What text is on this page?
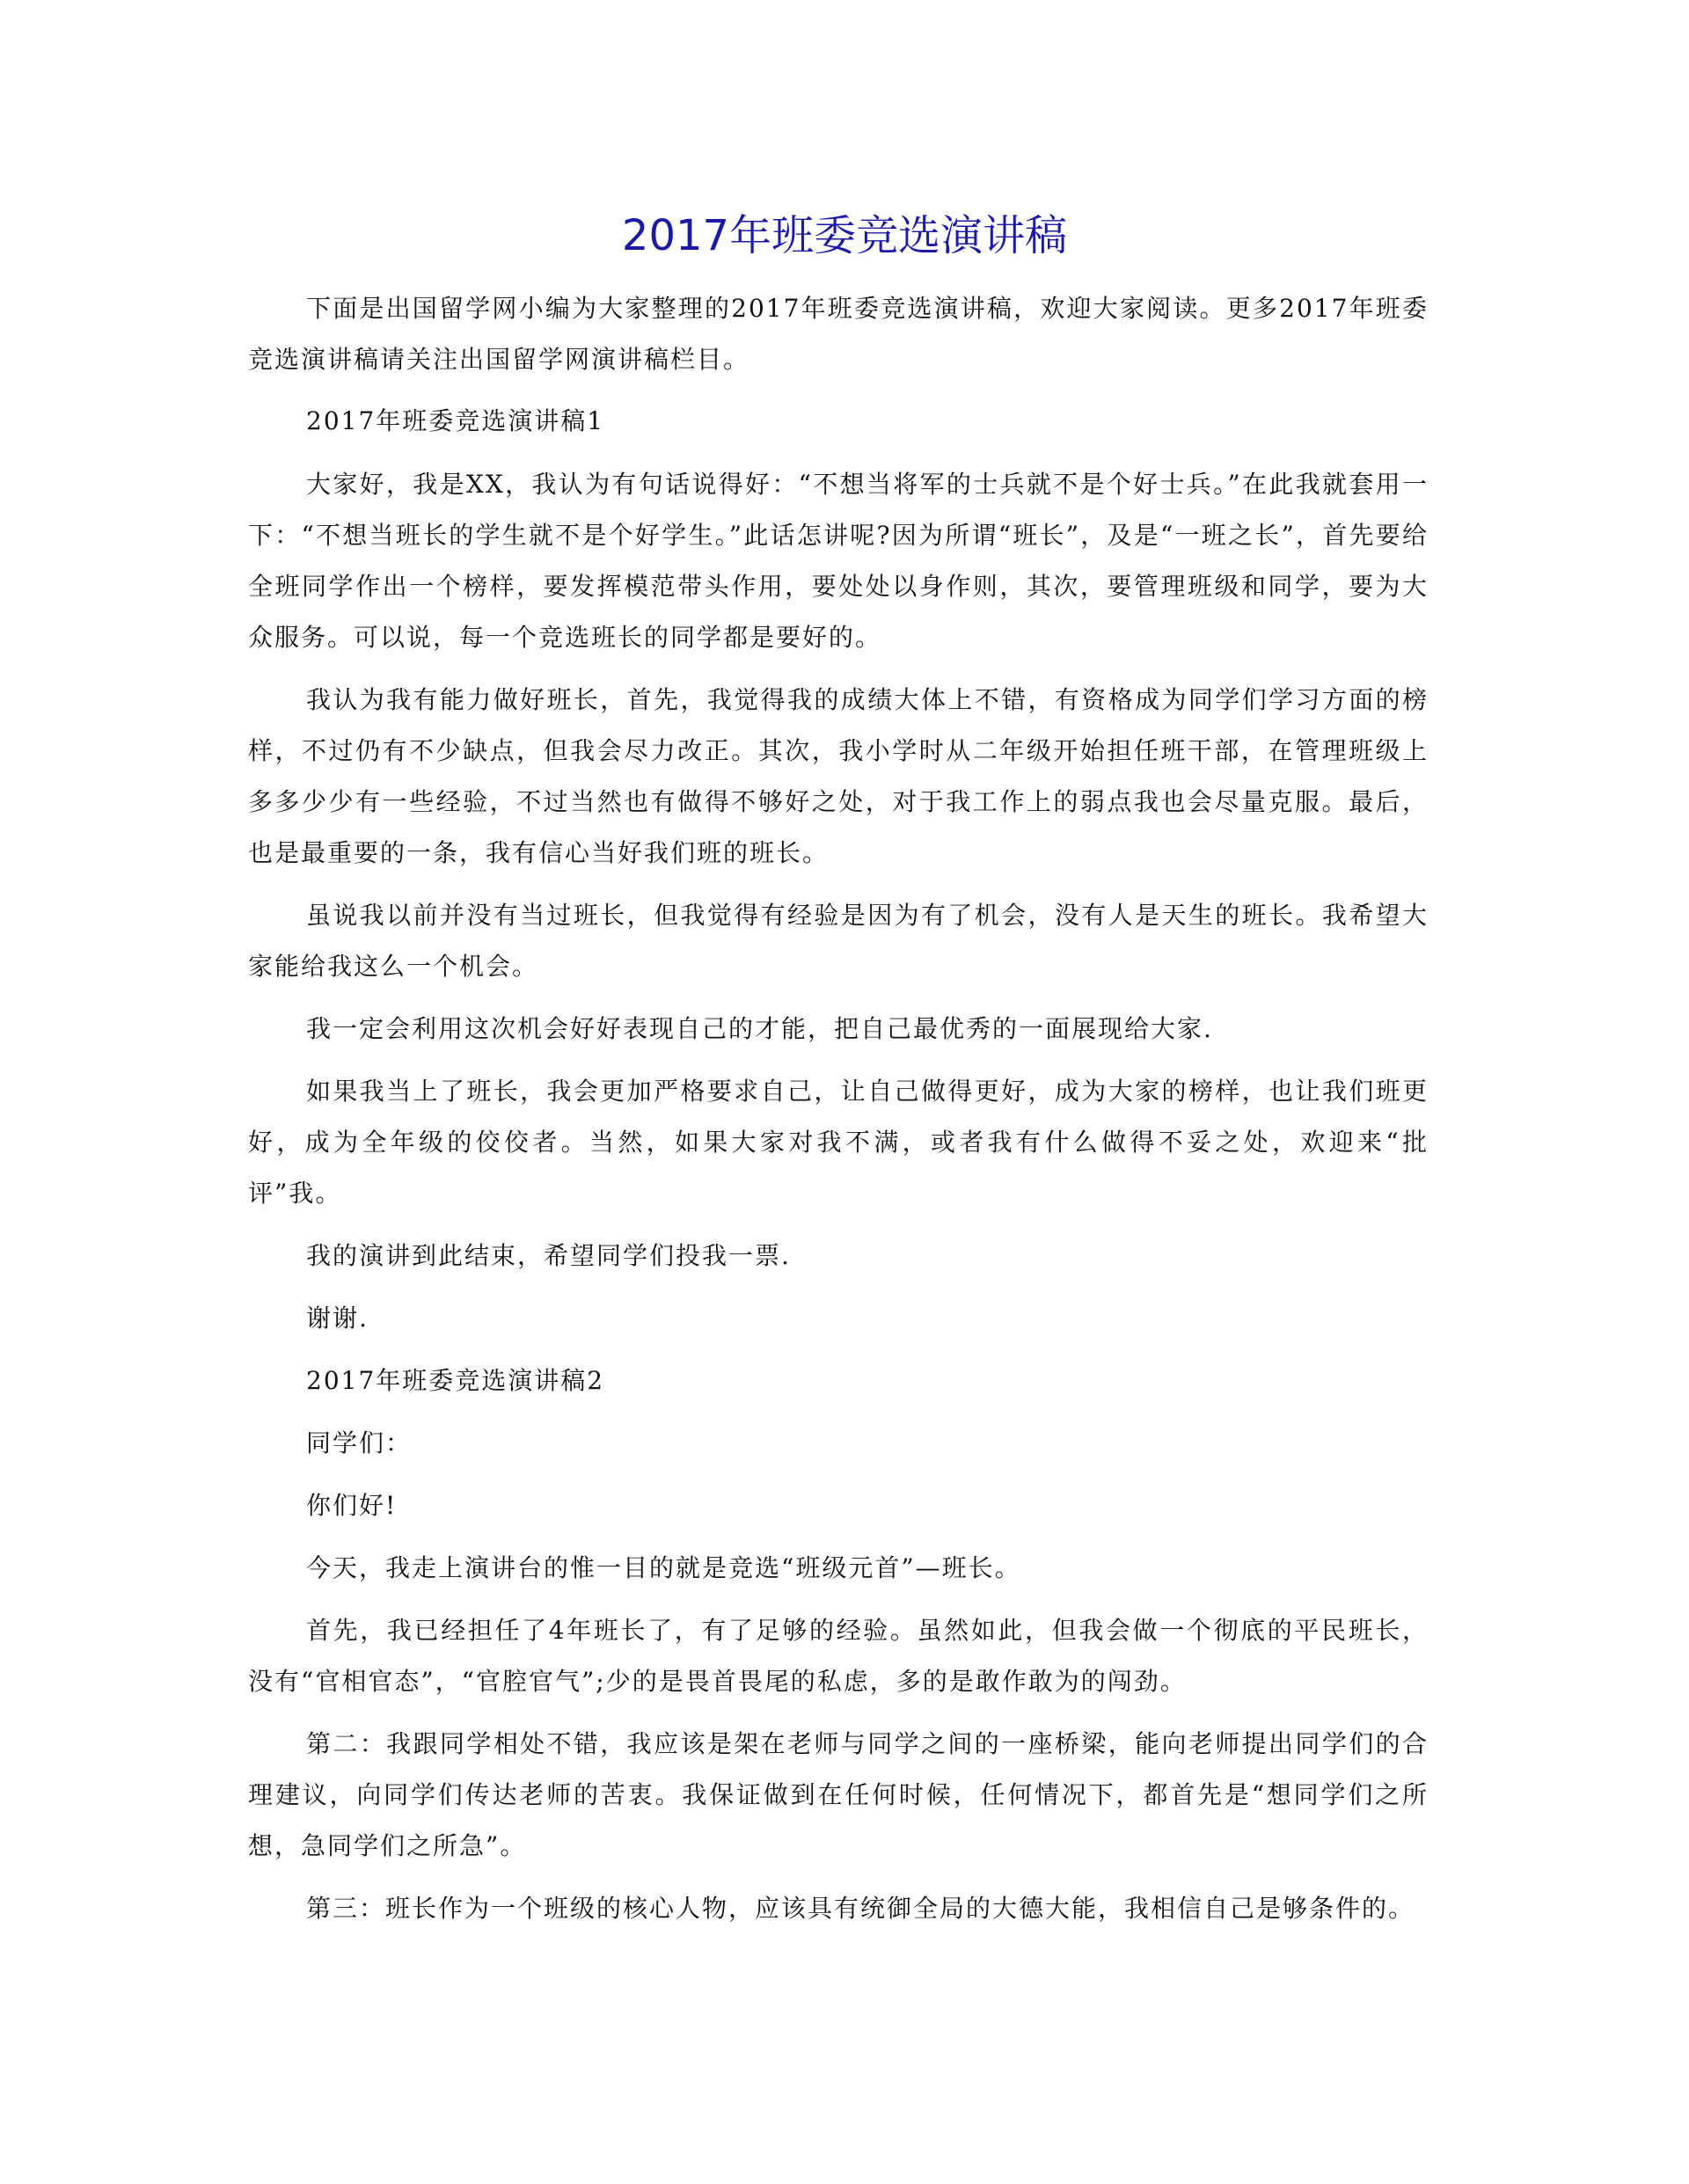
2017年班委竞选演讲稿

下面是出国留学网小编为大家整理的2017年班委竞选演讲稿，欢迎大家阅读。更多2017年班委竞选演讲稿请关注出国留学网演讲稿栏目。

2017年班委竞选演讲稿1

大家好，我是XX，我认为有句话说得好：“不想当将军的士兵就不是个好士兵。”在此我就套用一下：“不想当班长的学生就不是个好学生。”此话怎讲呢?因为所谓“班长”，及是“一班之长”，首先要给全班同学作出一个榜样，要发挥模范带头作用，要处处以身作则，其次，要管理班级和同学，要为大众服务。可以说，每一个竞选班长的同学都是要好的。

我认为我有能力做好班长，首先，我觉得我的成绩大体上不错，有资格成为同学们学习方面的榜样，不过仍有不少缺点，但我会尽力改正。其次，我小学时从二年级开始担任班干部，在管理班级上多多少少有一些经验，不过当然也有做得不够好之处，对于我工作上的弱点我也会尽量克服。最后，也是最重要的一条，我有信心当好我们班的班长。

虽说我以前并没有当过班长，但我觉得有经验是因为有了机会，没有人是天生的班长。我希望大家能给我这么一个机会。

我一定会利用这次机会好好表现自己的才能，把自己最优秀的一面展现给大家.

如果我当上了班长，我会更加严格要求自己，让自己做得更好，成为大家的榜样，也让我们班更好，成为全年级的佼佼者。当然，如果大家对我不满，或者我有什么做得不妥之处，欢迎来“批评”我。

我的演讲到此结束，希望同学们投我一票.

谢谢.

2017年班委竞选演讲稿2

同学们：

你们好!

今天，我走上演讲台的惟一目的就是竞选“班级元首”—班长。

首先，我已经担任了4年班长了，有了足够的经验。虽然如此，但我会做一个彻底的平民班长，没有“官相官态”，“官腔官气”;少的是畏首畏尾的私虑，多的是敢作敢为的闯劲。

第二：我跟同学相处不错，我应该是架在老师与同学之间的一座桥梁，能向老师提出同学们的合理建议，向同学们传达老师的苦衷。我保证做到在任何时候，任何情况下，都首先是“想同学们之所想，急同学们之所急”。

第三：班长作为一个班级的核心人物，应该具有统御全局的大德大能，我相信自己是够条件的。
